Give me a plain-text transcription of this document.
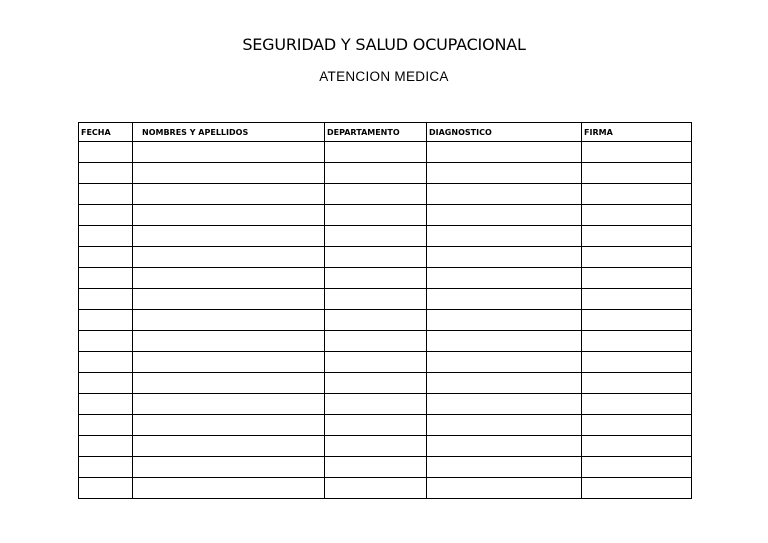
SEGURIDAD Y SALUD OCUPACIONAL
ATENCION MEDICA
FECHA	NOMBRES Y APELLIDOS	DEPARTAMENTO	DIAGNOSTICO	FIRMA
